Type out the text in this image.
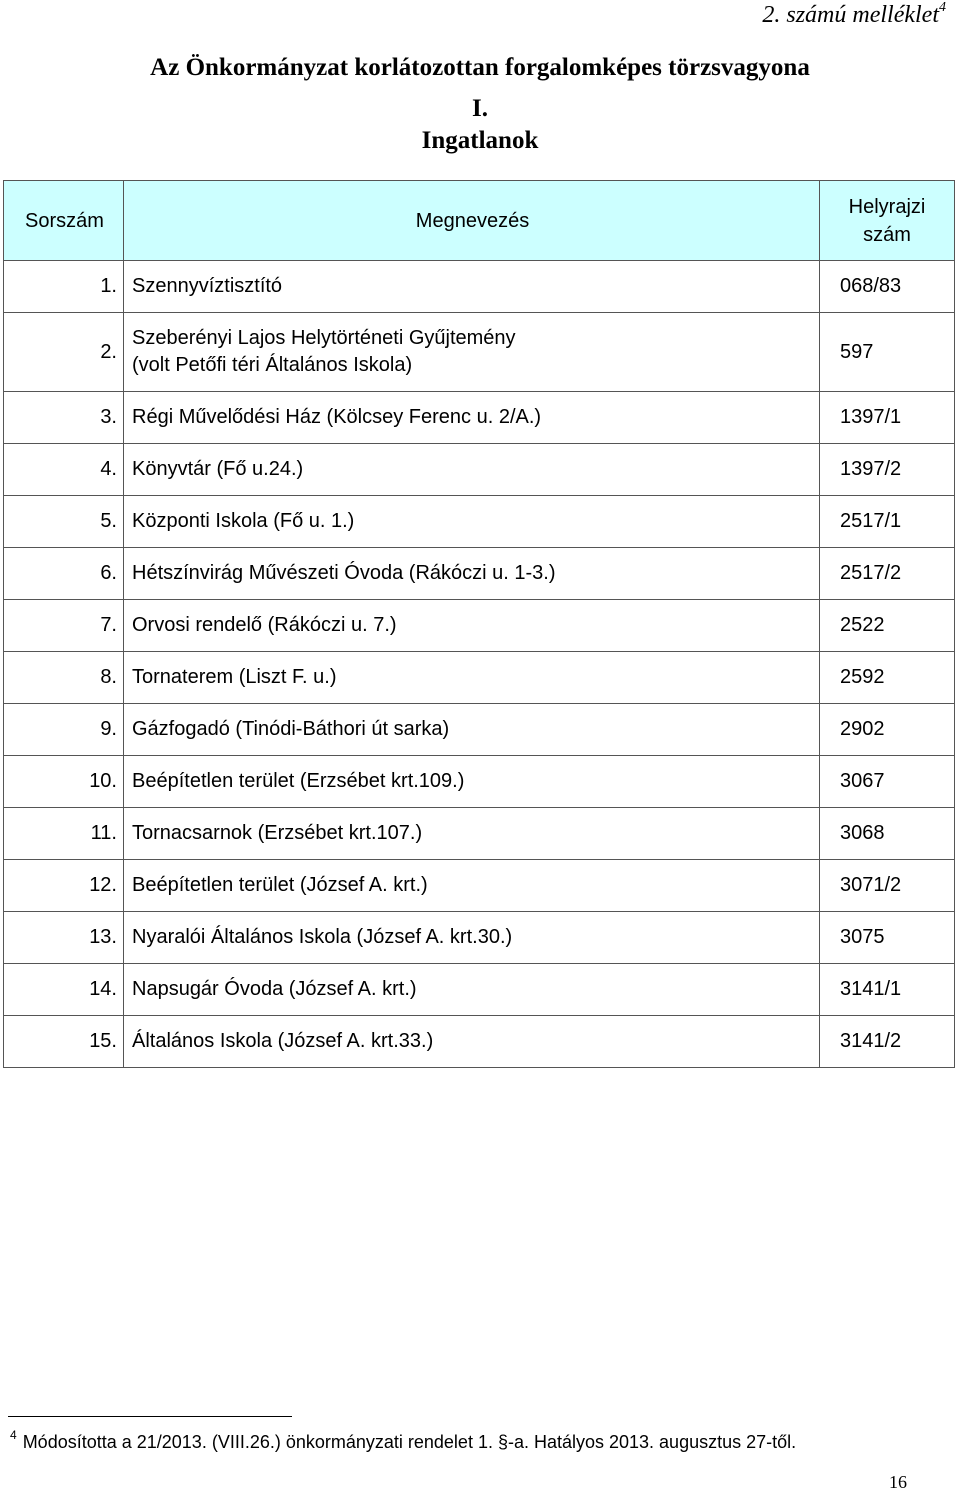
2. számú melléklet$^4$
Az Önkormányzat korlátozottan forgalomképes törzsvagyona
I.
Ingatlanok
Sorszám	Megnevezés	Helyrajzi szám
1.	Szennyvíztisztító	068/83
2.	Szeberényi Lajos Helytörténeti Gyűjtemény
(volt Petőfi téri Általános Iskola)	597
3.	Régi Művelődési Ház (Kölcsey Ferenc u. 2/A.)	1397/1
4.	Könyvtár (Fő u.24.)	1397/2
5.	Központi Iskola (Fő u. 1.)	2517/1
6.	Hétszínvirág Művészeti Óvoda (Rákóczi u. 1-3.)	2517/2
7.	Orvosi rendelő (Rákóczi u. 7.)	2522
8.	Tornaterem (Liszt F. u.)	2592
9.	Gázfogadó (Tinódi-Báthori út sarka)	2902
10.	Beépítetlen terület (Erzsébet krt.109.)	3067
11.	Tornacsarnok (Erzsébet krt.107.)	3068
12.	Beépítetlen terület (József A. krt.)	3071/2
13.	Nyaralói Általános Iskola (József A. krt.30.)	3075
14.	Napsugár Óvoda (József A. krt.)	3141/1
15.	Általános Iskola (József A. krt.33.)	3141/2
$^4$ Módosította a 21/2013. (VIII.26.) önkormányzati rendelet 1. §-a. Hatályos 2013. augusztus 27-től.
16
